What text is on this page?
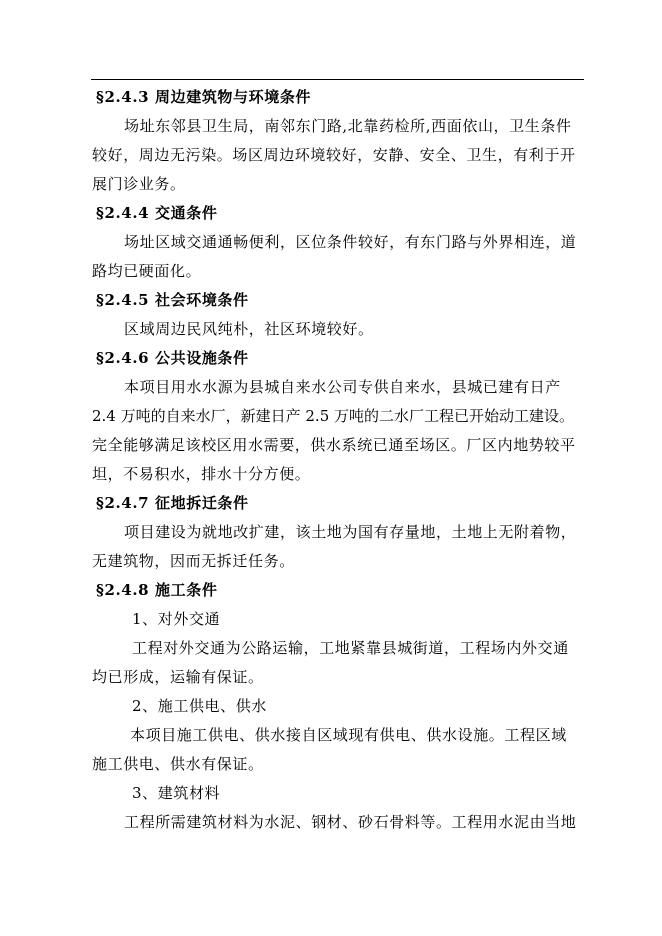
§2.4.3 周边建筑物与环境条件
场址东邻县卫生局，南邻东门路,北靠药检所,西面依山，卫生条件
较好，周边无污染。场区周边环境较好，安静、安全、卫生，有利于开
展门诊业务。
§2.4.4 交通条件
场址区域交通通畅便利，区位条件较好，有东门路与外界相连，道
路均已硬面化。
§2.4.5 社会环境条件
区域周边民风纯朴，社区环境较好。
§2.4.6 公共设施条件
本项目用水水源为县城自来水公司专供自来水，县城已建有日产
2.4 万吨的自来水厂，新建日产 2.5 万吨的二水厂工程已开始动工建设。
完全能够满足该校区用水需要，供水系统已通至场区。厂区内地势较平
坦，不易积水，排水十分方便。
§2.4.7 征地拆迁条件
项目建设为就地改扩建，该土地为国有存量地，土地上无附着物，
无建筑物，因而无拆迁任务。
§2.4.8 施工条件
1、对外交通
工程对外交通为公路运输，工地紧靠县城街道，工程场内外交通
均已形成，运输有保证。
2、施工供电、供水
本项目施工供电、供水接自区域现有供电、供水设施。工程区域
施工供电、供水有保证。
3、建筑材料
工程所需建筑材料为水泥、钢材、砂石骨料等。工程用水泥由当地
